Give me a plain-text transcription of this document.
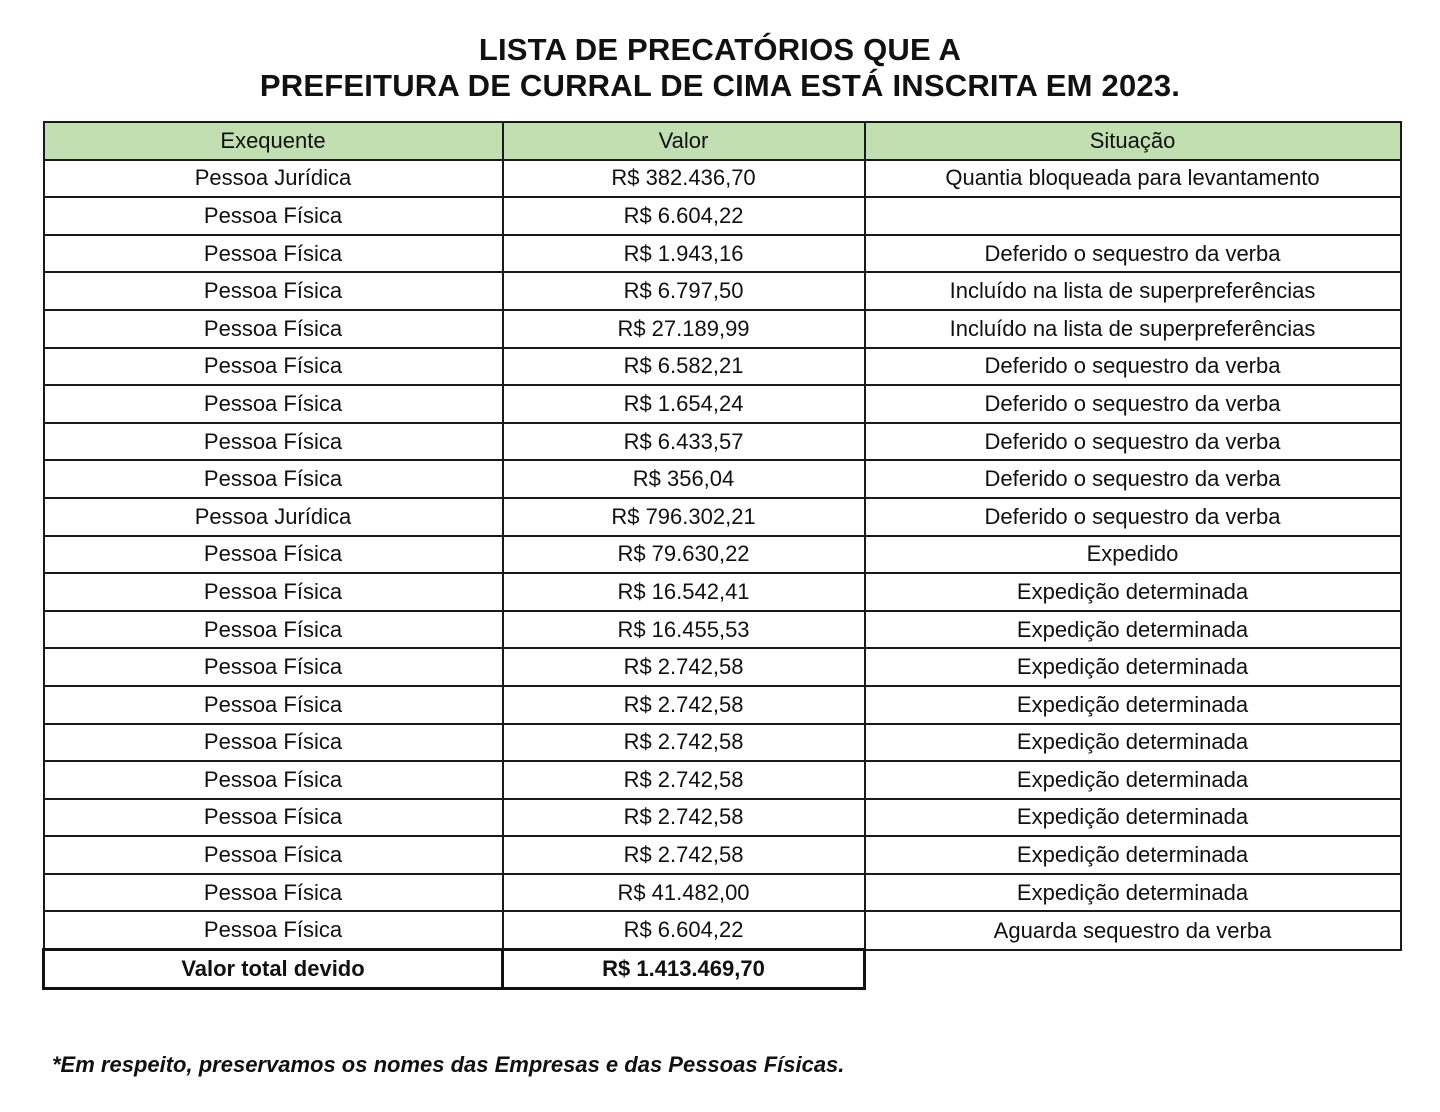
LISTA DE PRECATÓRIOS QUE A
PREFEITURA DE CURRAL DE CIMA ESTÁ INSCRITA EM 2023.
Exequente	Valor	Situação
Pessoa Jurídica	R$ 382.436,70	Quantia bloqueada para levantamento
Pessoa Física	R$ 6.604,22	
Pessoa Física	R$ 1.943,16	Deferido o sequestro da verba
Pessoa Física	R$ 6.797,50	Incluído na lista de superpreferências
Pessoa Física	R$ 27.189,99	Incluído na lista de superpreferências
Pessoa Física	R$ 6.582,21	Deferido o sequestro da verba
Pessoa Física	R$ 1.654,24	Deferido o sequestro da verba
Pessoa Física	R$ 6.433,57	Deferido o sequestro da verba
Pessoa Física	R$ 356,04	Deferido o sequestro da verba
Pessoa Jurídica	R$ 796.302,21	Deferido o sequestro da verba
Pessoa Física	R$ 79.630,22	Expedido
Pessoa Física	R$ 16.542,41	Expedição determinada
Pessoa Física	R$ 16.455,53	Expedição determinada
Pessoa Física	R$ 2.742,58	Expedição determinada
Pessoa Física	R$ 2.742,58	Expedição determinada
Pessoa Física	R$ 2.742,58	Expedição determinada
Pessoa Física	R$ 2.742,58	Expedição determinada
Pessoa Física	R$ 2.742,58	Expedição determinada
Pessoa Física	R$ 2.742,58	Expedição determinada
Pessoa Física	R$ 41.482,00	Expedição determinada
Pessoa Física	R$ 6.604,22	Aguarda sequestro da verba
Valor total devido	R$ 1.413.469,70	
*Em respeito, preservamos os nomes das Empresas e das Pessoas Físicas.
